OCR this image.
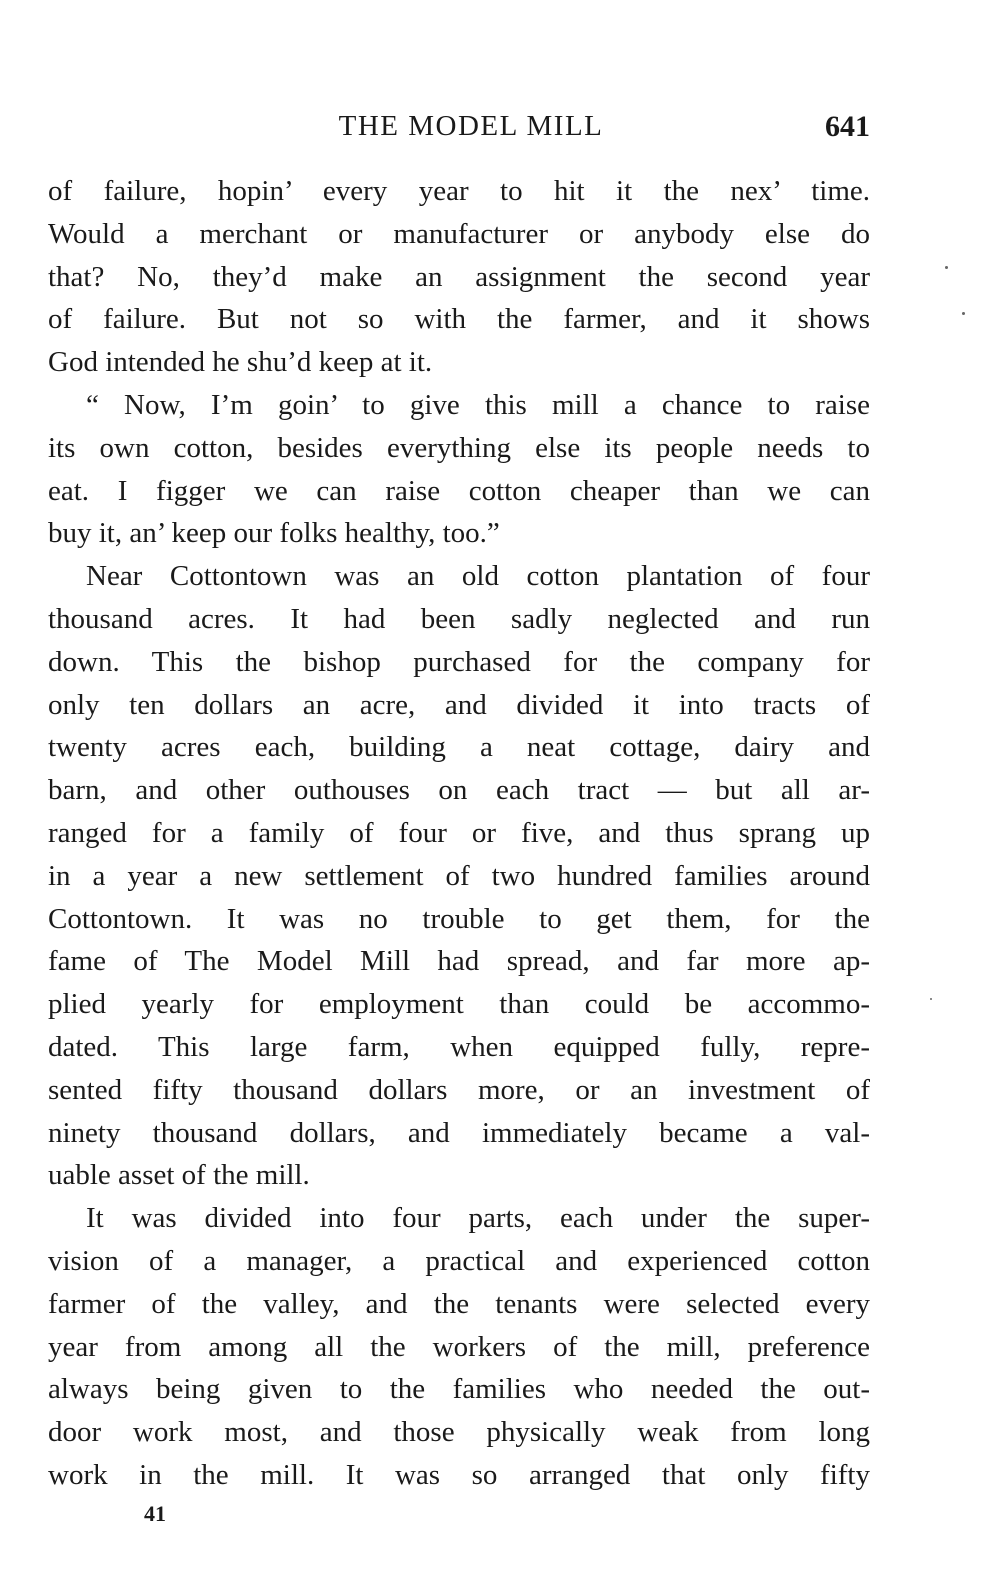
THE MODEL MILL	641
of failure, hopin’ every year to hit it the nex’ time.
Would a merchant or manufacturer or anybody else do
that? No, they’d make an assignment the second year
of failure. But not so with the farmer, and it shows
God intended he shu’d keep at it.
“ Now, I’m goin’ to give this mill a chance to raise
its own cotton, besides everything else its people needs to
eat. I figger we can raise cotton cheaper than we can
buy it, an’ keep our folks healthy, too.”
Near Cottontown was an old cotton plantation of four
thousand acres. It had been sadly neglected and run
down. This the bishop purchased for the company for
only ten dollars an acre, and divided it into tracts of
twenty acres each, building a neat cottage, dairy and
barn, and other outhouses on each tract — but all ar-
ranged for a family of four or five, and thus sprang up
in a year a new settlement of two hundred families around
Cottontown. It was no trouble to get them, for the
fame of The Model Mill had spread, and far more ap-
plied yearly for employment than could be accommo-
dated. This large farm, when equipped fully, repre-
sented fifty thousand dollars more, or an investment of
ninety thousand dollars, and immediately became a val-
uable asset of the mill.
It was divided into four parts, each under the super-
vision of a manager, a practical and experienced cotton
farmer of the valley, and the tenants were selected every
year from among all the workers of the mill, preference
always being given to the families who needed the out-
door work most, and those physically weak from long
work in the mill. It was so arranged that only fifty
41
